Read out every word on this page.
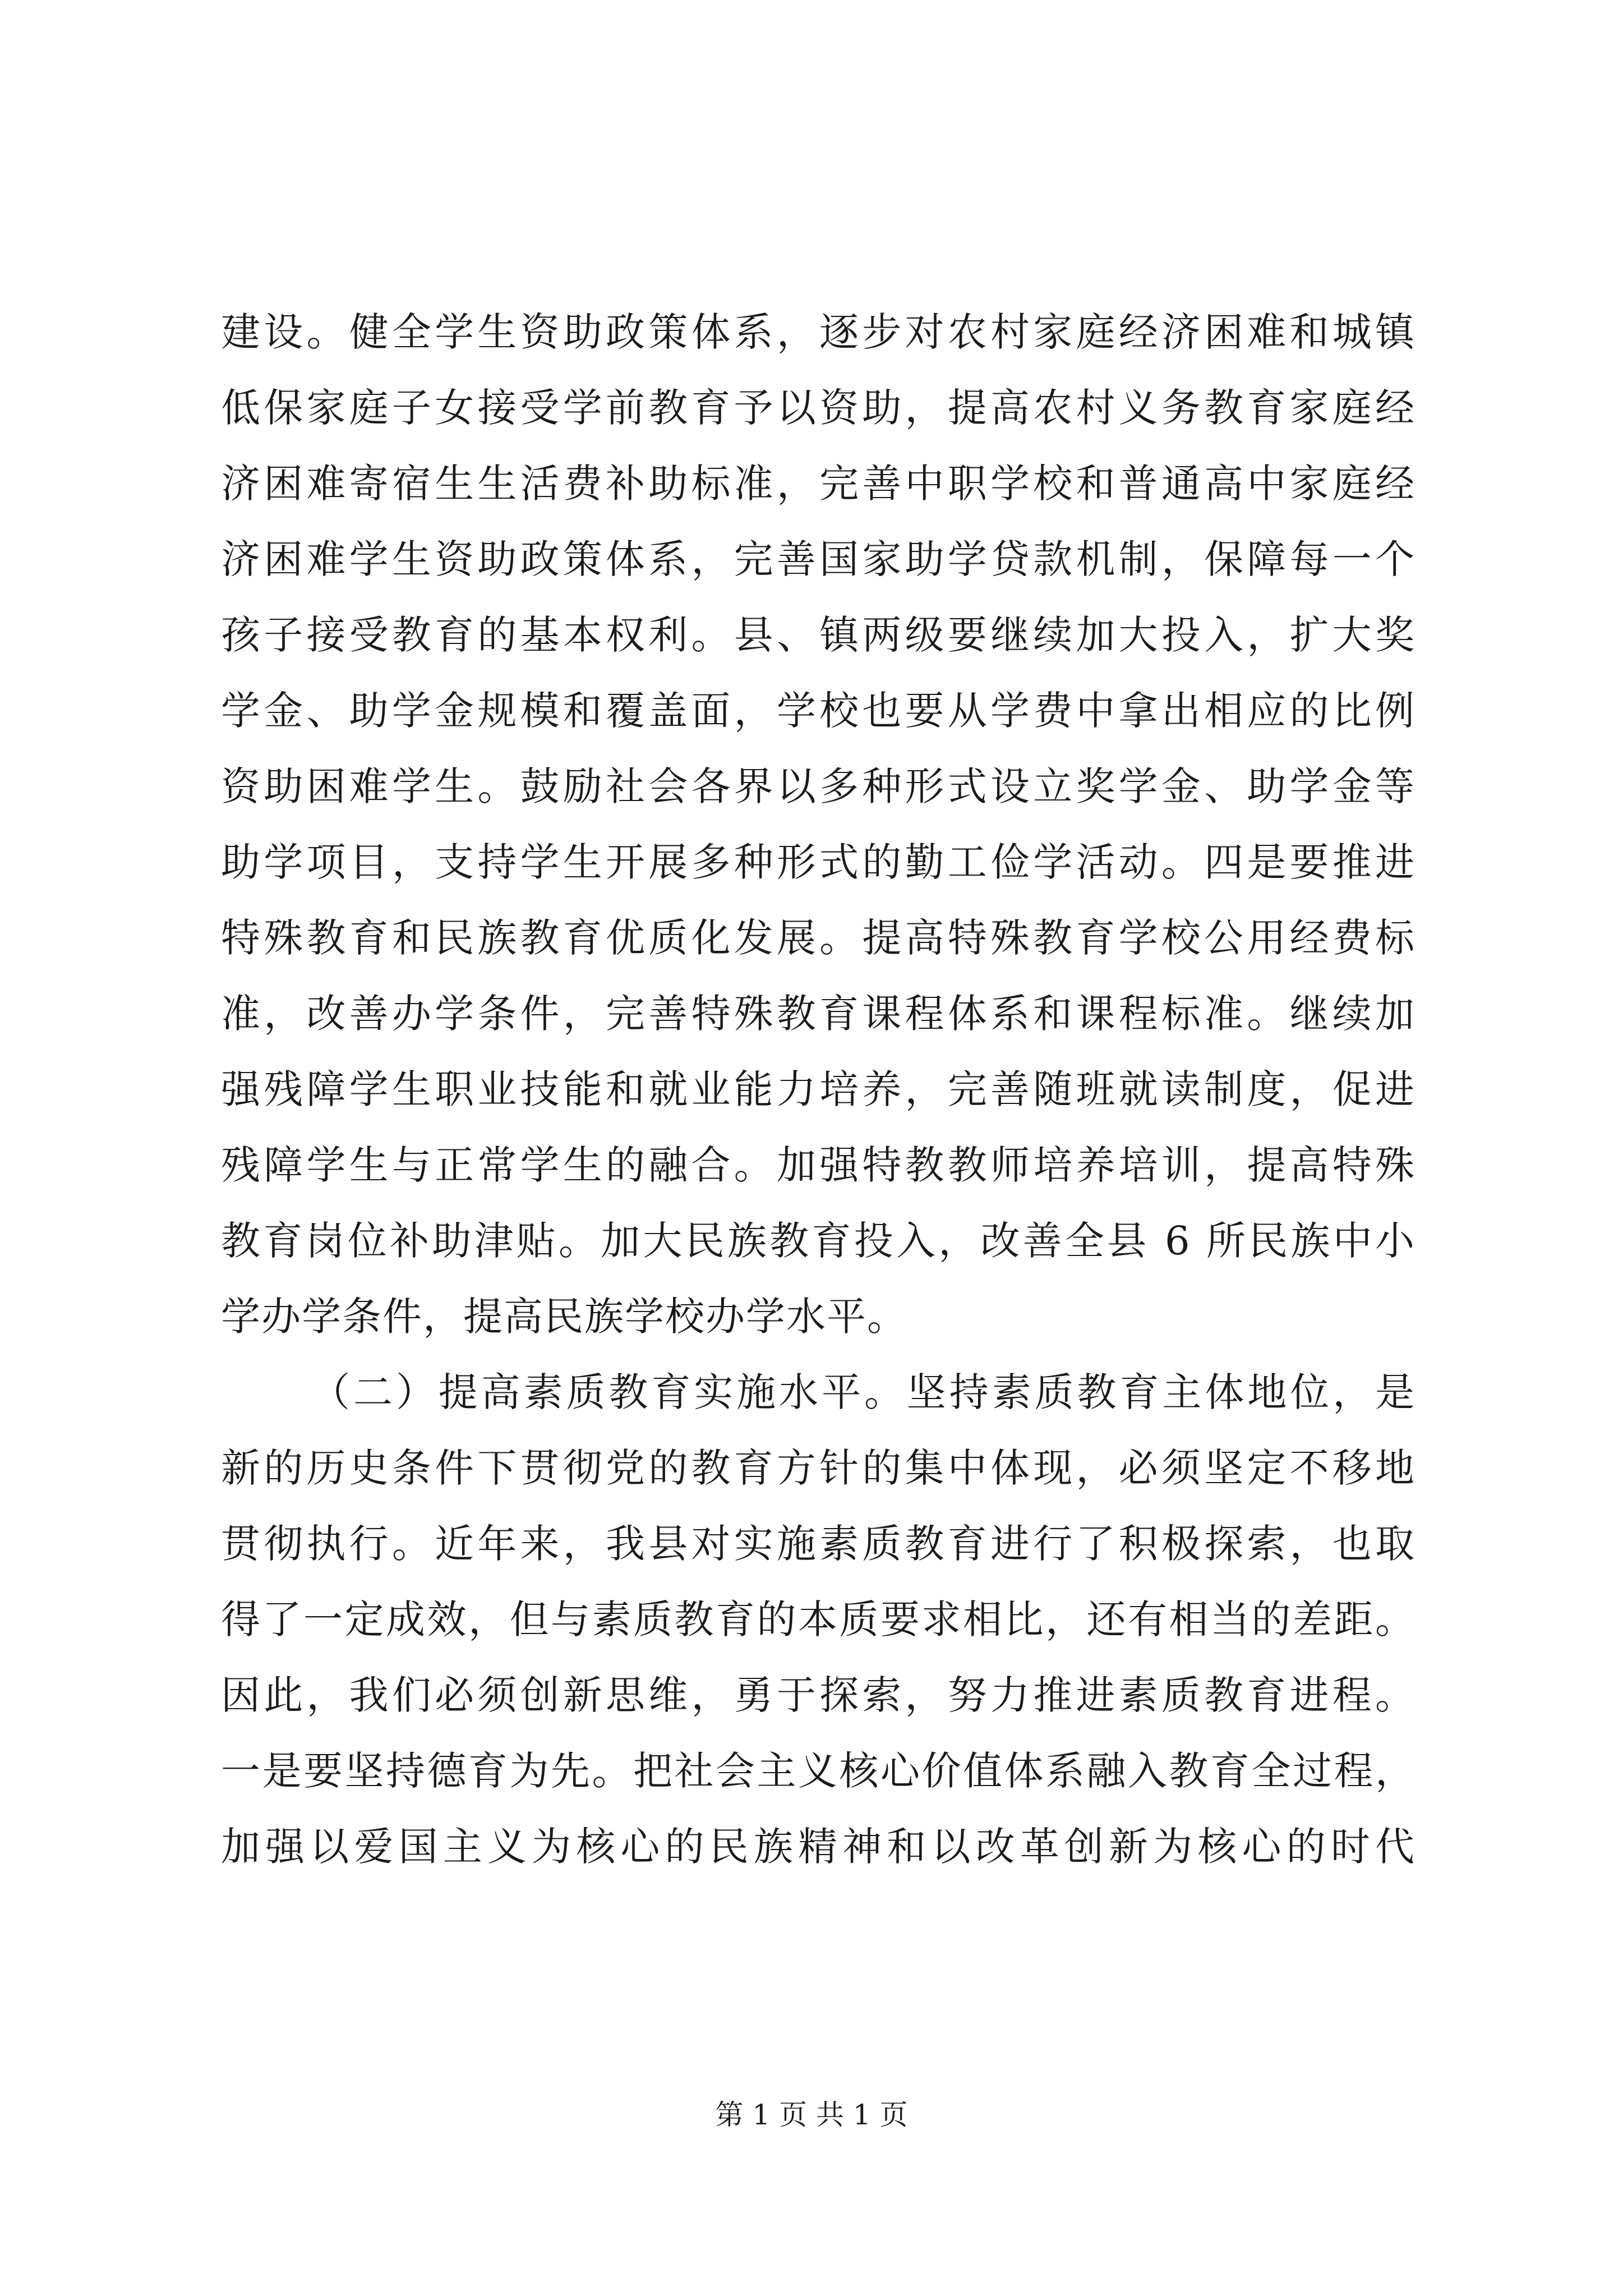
建设。健全学生资助政策体系，逐步对农村家庭经济困难和城镇
低保家庭子女接受学前教育予以资助，提高农村义务教育家庭经
济困难寄宿生生活费补助标准，完善中职学校和普通高中家庭经
济困难学生资助政策体系，完善国家助学贷款机制，保障每一个
孩子接受教育的基本权利。县、镇两级要继续加大投入，扩大奖
学金、助学金规模和覆盖面，学校也要从学费中拿出相应的比例
资助困难学生。鼓励社会各界以多种形式设立奖学金、助学金等
助学项目，支持学生开展多种形式的勤工俭学活动。四是要推进
特殊教育和民族教育优质化发展。提高特殊教育学校公用经费标
准，改善办学条件，完善特殊教育课程体系和课程标准。继续加
强残障学生职业技能和就业能力培养，完善随班就读制度，促进
残障学生与正常学生的融合。加强特教教师培养培训，提高特殊
教育岗位补助津贴。加大民族教育投入，改善全县 6 所民族中小
学办学条件，提高民族学校办学水平。
（二）提高素质教育实施水平。坚持素质教育主体地位，是
新的历史条件下贯彻党的教育方针的集中体现，必须坚定不移地
贯彻执行。近年来，我县对实施素质教育进行了积极探索，也取
得了一定成效，但与素质教育的本质要求相比，还有相当的差距。
因此，我们必须创新思维，勇于探索，努力推进素质教育进程。
一是要坚持德育为先。把社会主义核心价值体系融入教育全过程，
加强以爱国主义为核心的民族精神和以改革创新为核心的时代
第 1 页 共 1 页
